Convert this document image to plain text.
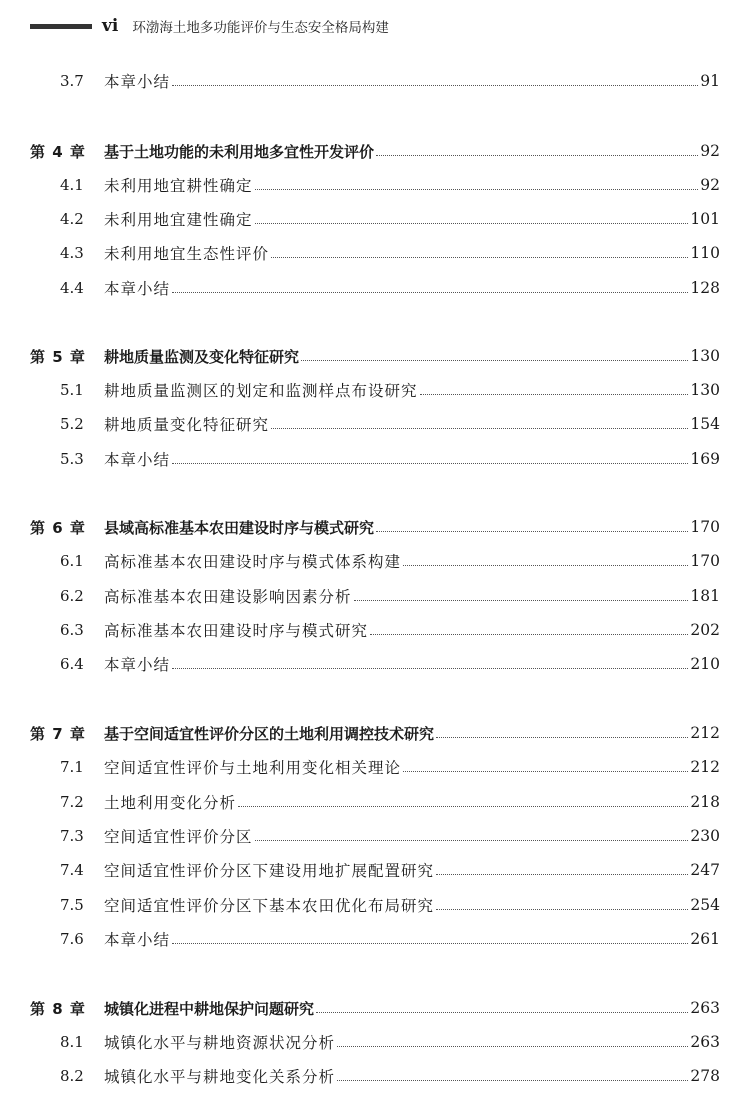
vi 环渤海土地多功能评价与生态安全格局构建
3.7	本章小结	91
第 4 章	基于土地功能的未利用地多宜性开发评价	92
4.1	未利用地宜耕性确定	92
4.2	未利用地宜建性确定	101
4.3	未利用地宜生态性评价	110
4.4	本章小结	128
第 5 章	耕地质量监测及变化特征研究	130
5.1	耕地质量监测区的划定和监测样点布设研究	130
5.2	耕地质量变化特征研究	154
5.3	本章小结	169
第 6 章	县域高标准基本农田建设时序与模式研究	170
6.1	高标准基本农田建设时序与模式体系构建	170
6.2	高标准基本农田建设影响因素分析	181
6.3	高标准基本农田建设时序与模式研究	202
6.4	本章小结	210
第 7 章	基于空间适宜性评价分区的土地利用调控技术研究	212
7.1	空间适宜性评价与土地利用变化相关理论	212
7.2	土地利用变化分析	218
7.3	空间适宜性评价分区	230
7.4	空间适宜性评价分区下建设用地扩展配置研究	247
7.5	空间适宜性评价分区下基本农田优化布局研究	254
7.6	本章小结	261
第 8 章	城镇化进程中耕地保护问题研究	263
8.1	城镇化水平与耕地资源状况分析	263
8.2	城镇化水平与耕地变化关系分析	278
